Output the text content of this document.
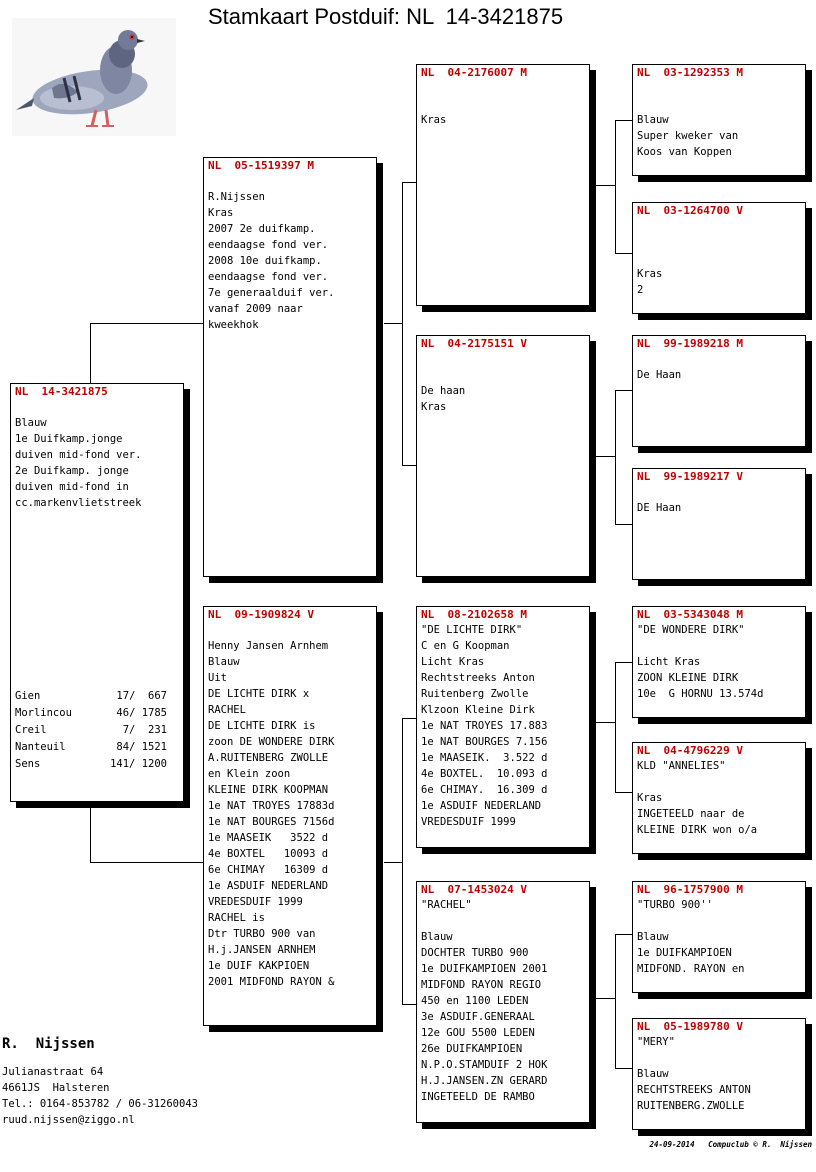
Stamkaart Postduif: NL  14-3421875
NL  14-3421875
Blauw
1e Duifkamp.jonge
duiven mid-fond ver.
2e Duifkamp. jonge
duiven mid-fond in
cc.markenvlietstreek
Gien	17/  667
Morlincou	46/ 1785
Creil	7/  231
Nanteuil	84/ 1521
Sens	141/ 1200
NL  05-1519397 M
R.Nijssen
Kras
2007 2e duifkamp.
eendaagse fond ver.
2008 10e duifkamp.
eendaagse fond ver.
7e generaalduif ver.
vanaf 2009 naar
kweekhok
NL  09-1909824 V
Henny Jansen Arnhem
Blauw
Uit
DE LICHTE DIRK x
RACHEL
DE LICHTE DIRK is
zoon DE WONDERE DIRK
A.RUITENBERG ZWOLLE
en Klein zoon
KLEINE DIRK KOOPMAN
1e NAT TROYES 17883d
1e NAT BOURGES 7156d
1e MAASEIK   3522 d
4e BOXTEL   10093 d
6e CHIMAY   16309 d
1e ASDUIF NEDERLAND
VREDESDUIF 1999
RACHEL is
Dtr TURBO 900 van
H.j.JANSEN ARNHEM
1e DUIF KAKPIOEN
2001 MIDFOND RAYON &
NL  04-2176007 M
Kras
NL  04-2175151 V
De haan
Kras
NL  08-2102658 M
"DE LICHTE DIRK"
C en G Koopman
Licht Kras
Rechtstreeks Anton
Ruitenberg Zwolle
Klzoon Kleine Dirk
1e NAT TROYES 17.883
1e NAT BOURGES 7.156
1e MAASEIK.  3.522 d
4e BOXTEL.  10.093 d
6e CHIMAY.  16.309 d
1e ASDUIF NEDERLAND
VREDESDUIF 1999
NL  07-1453024 V
"RACHEL"
Blauw
DOCHTER TURBO 900
1e DUIFKAMPIOEN 2001
MIDFOND RAYON REGIO
450 en 1100 LEDEN
3e ASDUIF.GENERAAL
12e GOU 5500 LEDEN
26e DUIFKAMPIOEN
N.P.O.STAMDUIF 2 HOK
H.J.JANSEN.ZN GERARD
INGETEELD DE RAMBO
NL  03-1292353 M
Blauw
Super kweker van
Koos van Koppen
NL  03-1264700 V
Kras
2
NL  99-1989218 M
De Haan
NL  99-1989217 V
DE Haan
NL  03-5343048 M
"DE WONDERE DIRK"
Licht Kras
ZOON KLEINE DIRK
10e  G HORNU 13.574d
NL  04-4796229 V
KLD "ANNELIES"
Kras
INGETEELD naar de
KLEINE DIRK won o/a
NL  96-1757900 M
"TURBO 900''
Blauw
1e DUIFKAMPIOEN
MIDFOND. RAYON en
NL  05-1989780 V
"MERY"
Blauw
RECHTSTREEKS ANTON
RUITENBERG.ZWOLLE
R.  Nijssen
Julianastraat 64
4661JS  Halsteren
Tel.: 0164-853782 / 06-31260043
ruud.nijssen@ziggo.nl
24-09-2014   Compuclub © R.  Nijssen
